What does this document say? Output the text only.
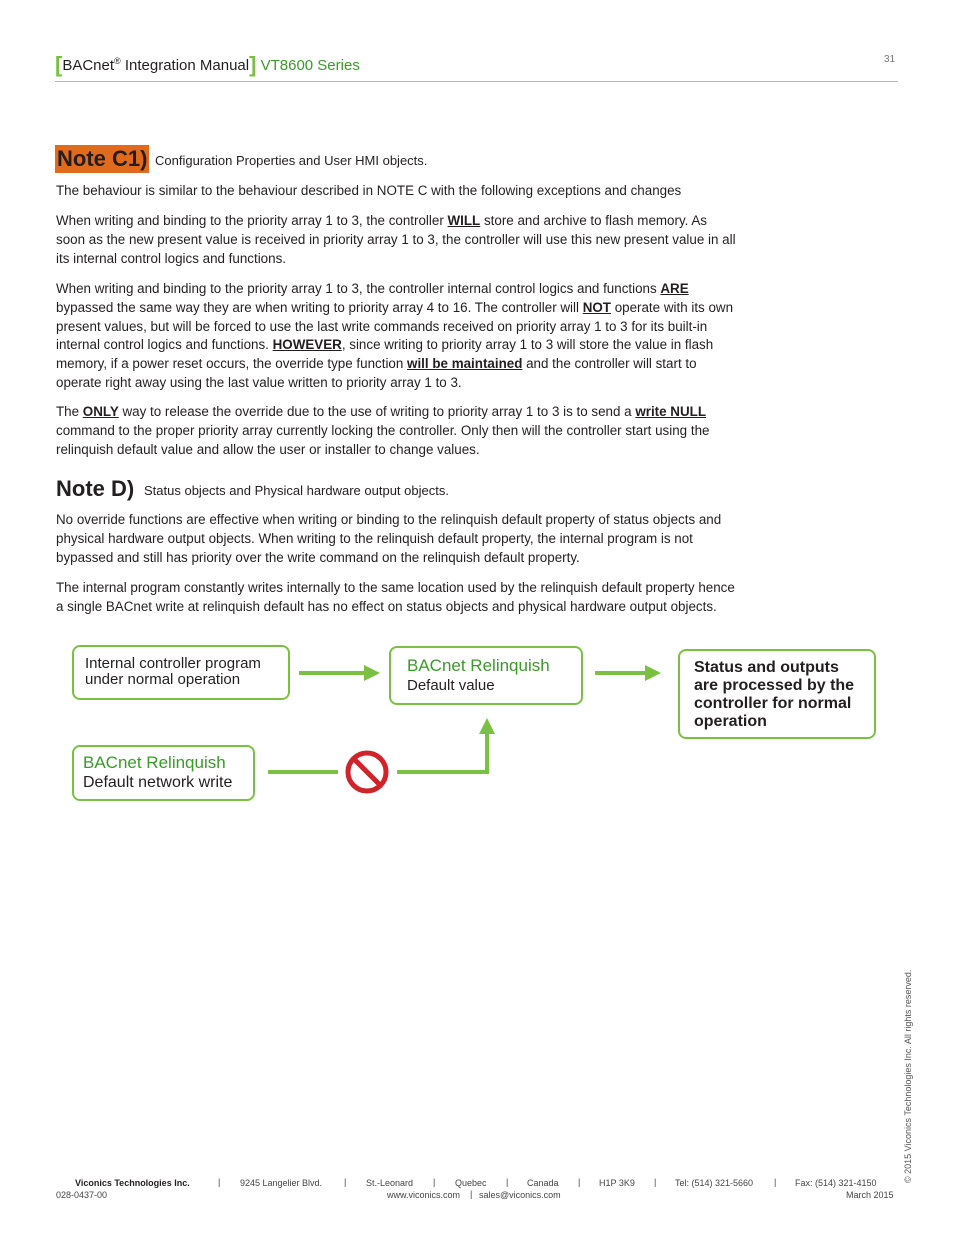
[BACnet® Integration Manual] VT8600 Series	31
Note C1) Configuration Properties and User HMI objects.
The behaviour is similar to the behaviour described in NOTE C with the following exceptions and changes
When writing and binding to the priority array 1 to 3, the controller WILL store and archive to flash memory. As soon as the new present value is received in priority array 1 to 3, the controller will use this new present value in all its internal control logics and functions.
When writing and binding to the priority array 1 to 3, the controller internal control logics and functions ARE bypassed the same way they are when writing to priority array 4 to 16. The controller will NOT operate with its own present values, but will be forced to use the last write commands received on priority array 1 to 3 for its built-in internal control logics and functions. HOWEVER, since writing to priority array 1 to 3 will store the value in flash memory, if a power reset occurs, the override type function will be maintained and the controller will start to operate right away using the last value written to priority array 1 to 3.
The ONLY way to release the override due to the use of writing to priority array 1 to 3 is to send a write NULL command to the proper priority array currently locking the controller. Only then will the controller start using the relinquish default value and allow the user or installer to change values.
Note D) Status objects and Physical hardware output objects.
No override functions are effective when writing or binding to the relinquish default property of status objects and physical hardware output objects. When writing to the relinquish default property, the internal program is not bypassed and still has priority over the write command on the relinquish default property.
The internal program constantly writes internally to the same location used by the relinquish default property hence a single BACnet write at relinquish default has no effect on status objects and physical hardware output objects.
Internal controller program
under normal operation
BACnet Relinquish
Default value
Status and outputs are processed by the controller for normal operation
BACnet Relinquish
Default network write
© 2015 Viconics Technologies Inc. All rights reserved.
Viconics Technologies Inc.	| 9245 Langelier Blvd. | St.-Leonard | Quebec | Canada | H1P 3K9 | Tel: (514) 321-5660 | Fax: (514) 321-4150
028-0437-00	www.viconics.com | sales@viconics.com	March 2015
